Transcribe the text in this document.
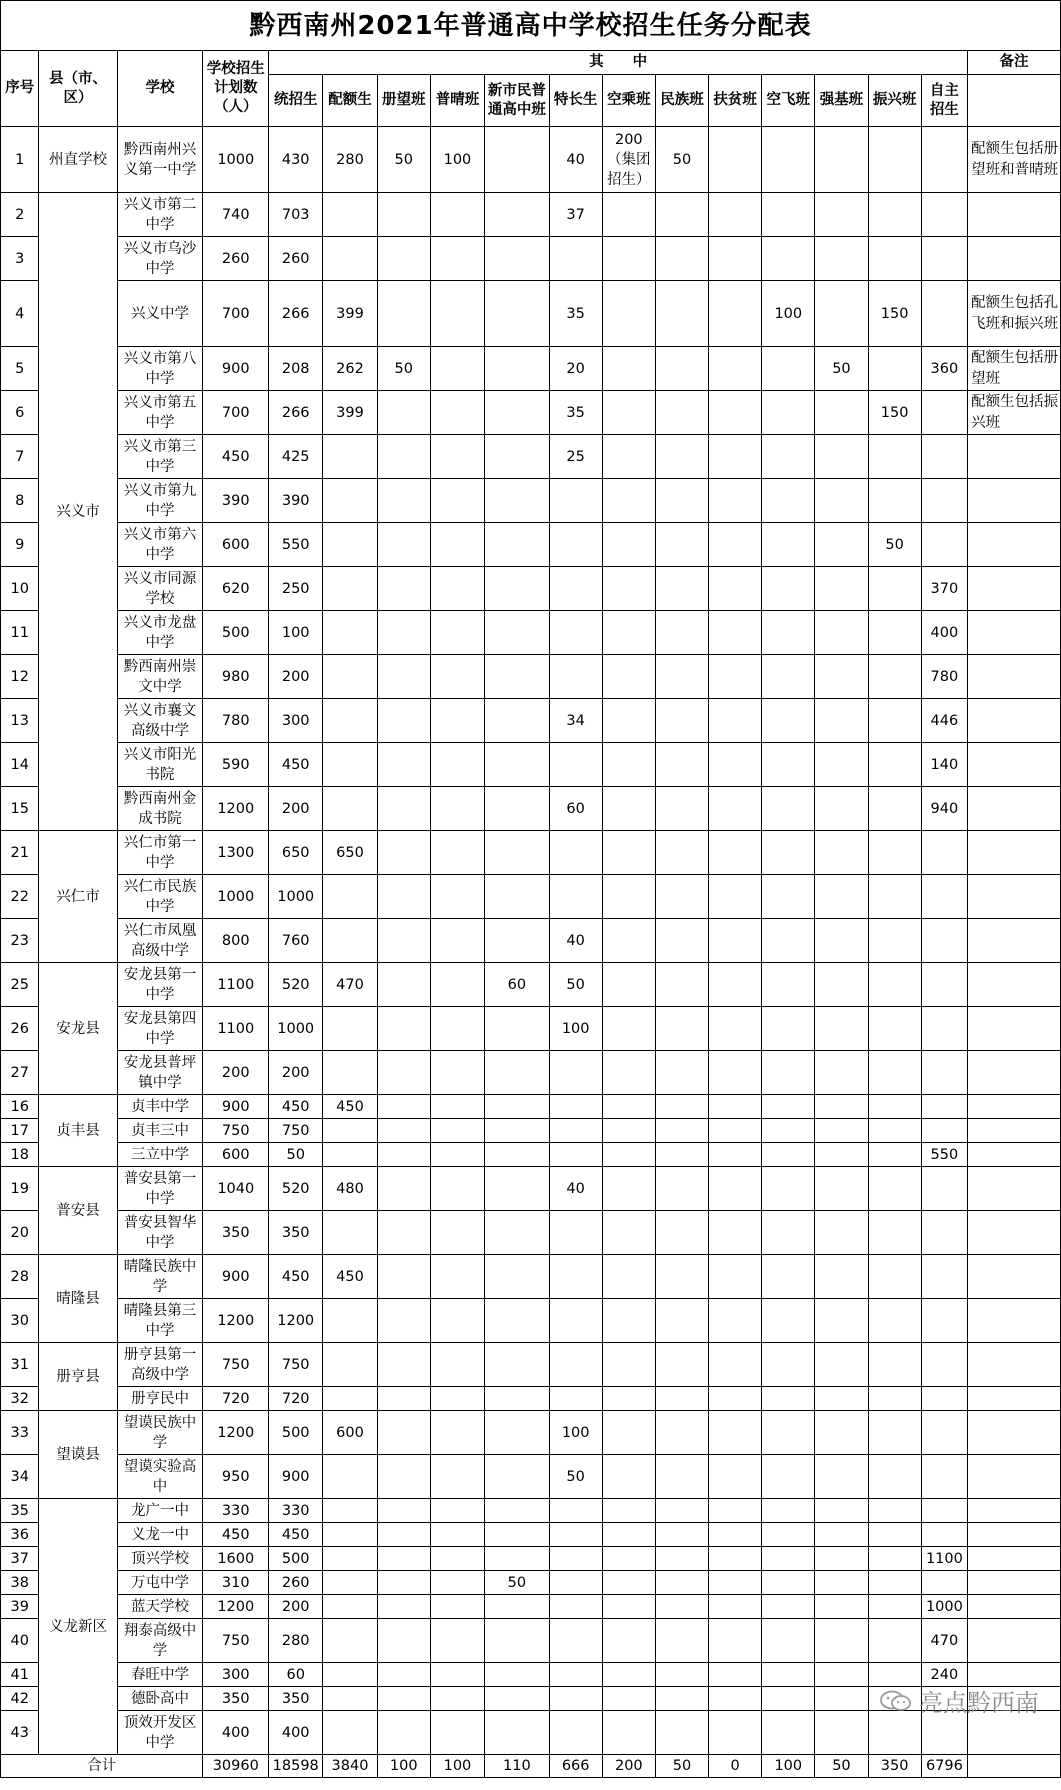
黔西南州2021年普通高中学校招生任务分配表
序号	县（市、区）	学校	学校招生计划数（人）	其　　中													备注
				统招生	配额生	册望班	普晴班	新市民普通高中班	特长生	空乘班	民族班	扶贫班	空飞班	强基班	振兴班	自主招生	
1	州直学校	黔西南州兴义第一中学	1000	430	280	50	100		40	200（集团招生）	50						配额生包括册望班和普晴班
2	兴义市	兴义市第二中学	740	703					37								
3		兴义市乌沙中学	260	260													
4		兴义中学	700	266	399				35				100		150		配额生包括孔飞班和振兴班
5		兴义市第八中学	900	208	262	50			20					50		360	配额生包括册望班
6		兴义市第五中学	700	266	399				35						150		配额生包括振兴班
7		兴义市第三中学	450	425					25								
8		兴义市第九中学	390	390													
9		兴义市第六中学	600	550											50		
10		兴义市同源学校	620	250												370	
11		兴义市龙盘中学	500	100												400	
12		黔西南州崇文中学	980	200												780	
13		兴义市襄文高级中学	780	300					34							446	
14		兴义市阳光书院	590	450												140	
15		黔西南州金成书院	1200	200					60							940	
21	兴仁市	兴仁市第一中学	1300	650	650												
22		兴仁市民族中学	1000	1000													
23		兴仁市凤凰高级中学	800	760					40								
25	安龙县	安龙县第一中学	1100	520	470			60	50								
26		安龙县第四中学	1100	1000					100								
27		安龙县普坪镇中学	200	200													
16	贞丰县	贞丰中学	900	450	450												
17		贞丰三中	750	750													
18		三立中学	600	50												550	
19	普安县	普安县第一中学	1040	520	480				40								
20		普安县智华中学	350	350													
28	晴隆县	晴隆民族中学	900	450	450												
30		晴隆县第三中学	1200	1200													
31	册亨县	册亨县第一高级中学	750	750													
32		册亨民中	720	720													
33	望谟县	望谟民族中学	1200	500	600				100								
34		望谟实验高中	950	900					50								
35	义龙新区	龙广一中	330	330													
36		义龙一中	450	450													
37		顶兴学校	1600	500												1100	
38		万屯中学	310	260				50									
39		蓝天学校	1200	200												1000	
40		翔泰高级中学	750	280												470	
41		春旺中学	300	60												240	
42		德卧高中	350	350													
43		顶效开发区中学	400	400													
合计			30960	18598	3840	100	100	110	666	200	50	0	100	50	350	6796	
亮点黔西南
